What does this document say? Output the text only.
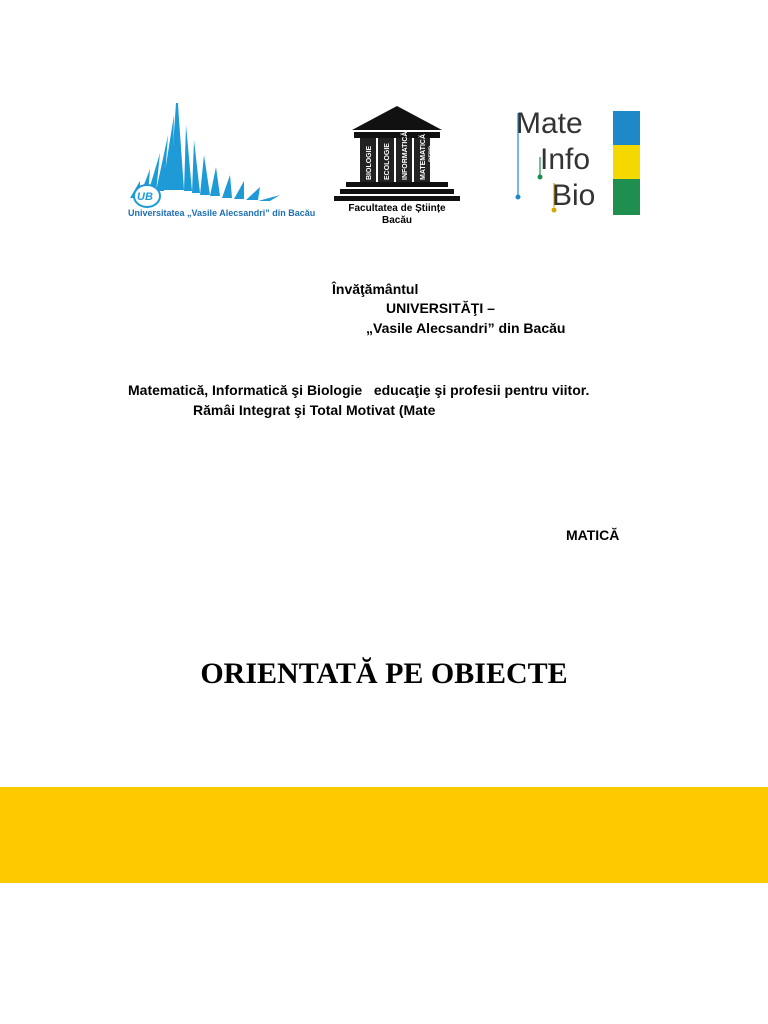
UB
Universitatea „Vasile Alecsandri” din Bacău
BIOLOGIE ECOLOGIE INFORMATICĂ MATEMATICĂ DFPD
Facultatea de Științe
Bacău
Mate
Info
Bio
Învăţământul
UNIVERSITĂŢI –
„Vasile Alecsandri” din Bacău
Matematică, Informatică şi Biologie   educaţie şi profesii pentru viitor.
Rămâi Integrat şi Total Motivat (Mate
MATICĂ
ORIENTATĂ PE OBIECTE
